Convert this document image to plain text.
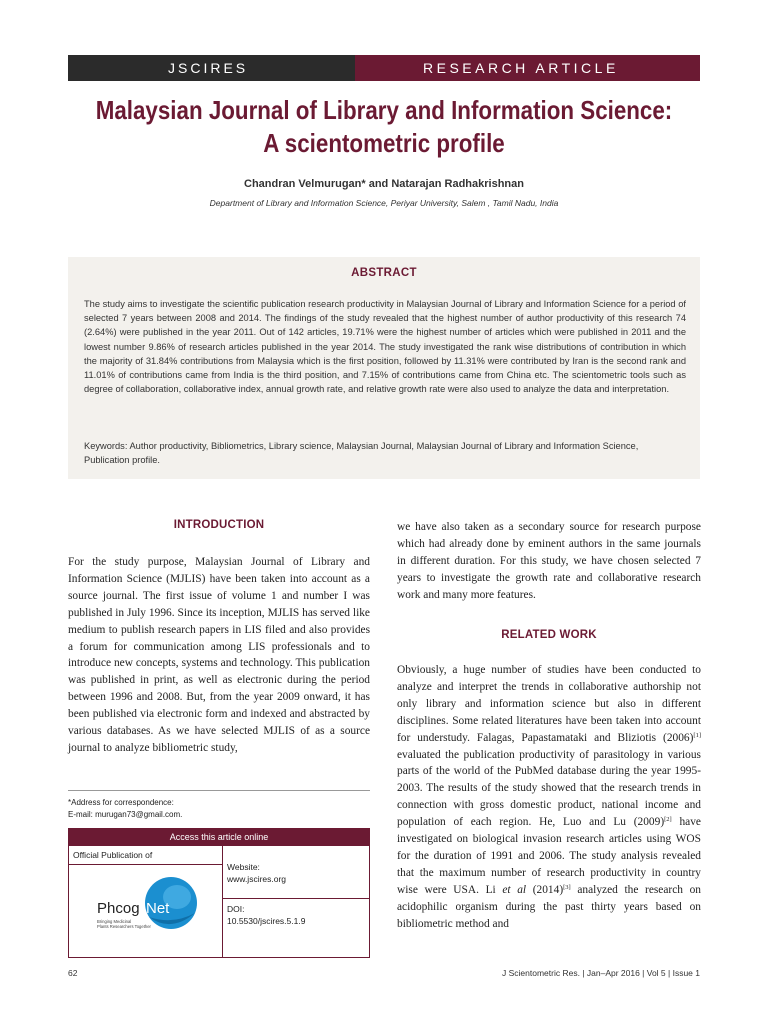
JSCIRES	RESEARCH ARTICLE
Malaysian Journal of Library and Information Science:
A scientometric profile
Chandran Velmurugan* and Natarajan Radhakrishnan
Department of Library and Information Science, Periyar University, Salem , Tamil Nadu, India
ABSTRACT
The study aims to investigate the scientific publication research productivity in Malaysian Journal of Library and Information Science for a period of selected 7 years between 2008 and 2014. The findings of the study revealed that the highest number of author productivity of this research 74 (2.64%) were published in the year 2011. Out of 142 articles, 19.71% were the highest number of articles which were published in 2011 and the lowest number 9.86% of research articles published in the year 2014. The study investigated the rank wise distributions of contribution in which the majority of 31.84% contributions from Malaysia which is the first position, followed by 11.31% were contributed by Iran is the second rank and 11.01% of contributions came from India is the third position, and 7.15% of contributions came from China etc. The scientometric tools such as degree of collaboration, collaborative index, annual growth rate, and relative growth rate were also used to analyze the data and interpretation.
Keywords: Author productivity, Bibliometrics, Library science, Malaysian Journal, Malaysian Journal of Library and Information Science, Publication profile.
INTRODUCTION
For the study purpose, Malaysian Journal of Library and Information Science (MJLIS) have been taken into account as a source journal. The first issue of volume 1 and number I was published in July 1996. Since its inception, MJLIS has served like medium to publish research papers in LIS filed and also provides a forum for communication among LIS professionals and to introduce new concepts, systems and technology. This publication was published in print, as well as electronic during the period between 1996 and 2008. But, from the year 2009 onward, it has been published via electronic form and indexed and abstracted by various databases. As we have selected MJLIS of as a source journal to analyze bibliometric study,
we have also taken as a secondary source for research purpose which had already done by eminent authors in the same journals in different duration. For this study, we have chosen selected 7 years to investigate the growth rate and collaborative research work and many more features.
RELATED WORK
Obviously, a huge number of studies have been conducted to analyze and interpret the trends in collaborative authorship not only library and information science but also in different disciplines. Some related literatures have been taken into account for understudy. Falagas, Papastamataki and Bliziotis (2006)[1] evaluated the publication productivity of parasitology in various parts of the world of the PubMed database during the year 1995-2003. The results of the study showed that the research trends in connection with gross domestic product, national income and population of each region. He, Luo and Lu (2009)[2] have investigated on biological invasion research articles using WOS for the duration of 1991 and 2006. The study analysis revealed that the maximum number of research productivity in country wise were USA. Li et al (2014)[3] analyzed the research on acidophilic organism during the past thirty years based on bibliometric method and
*Address for correspondence:
E-mail: murugan73@gmail.com.
Access this article online
Official Publication of
Phcog Net
Bringing Medicinal
Plants Researchers Together
Website:
www.jscires.org
DOI:
10.5530/jscires.5.1.9
62	J Scientometric Res. | Jan–Apr 2016 | Vol 5 | Issue 1
